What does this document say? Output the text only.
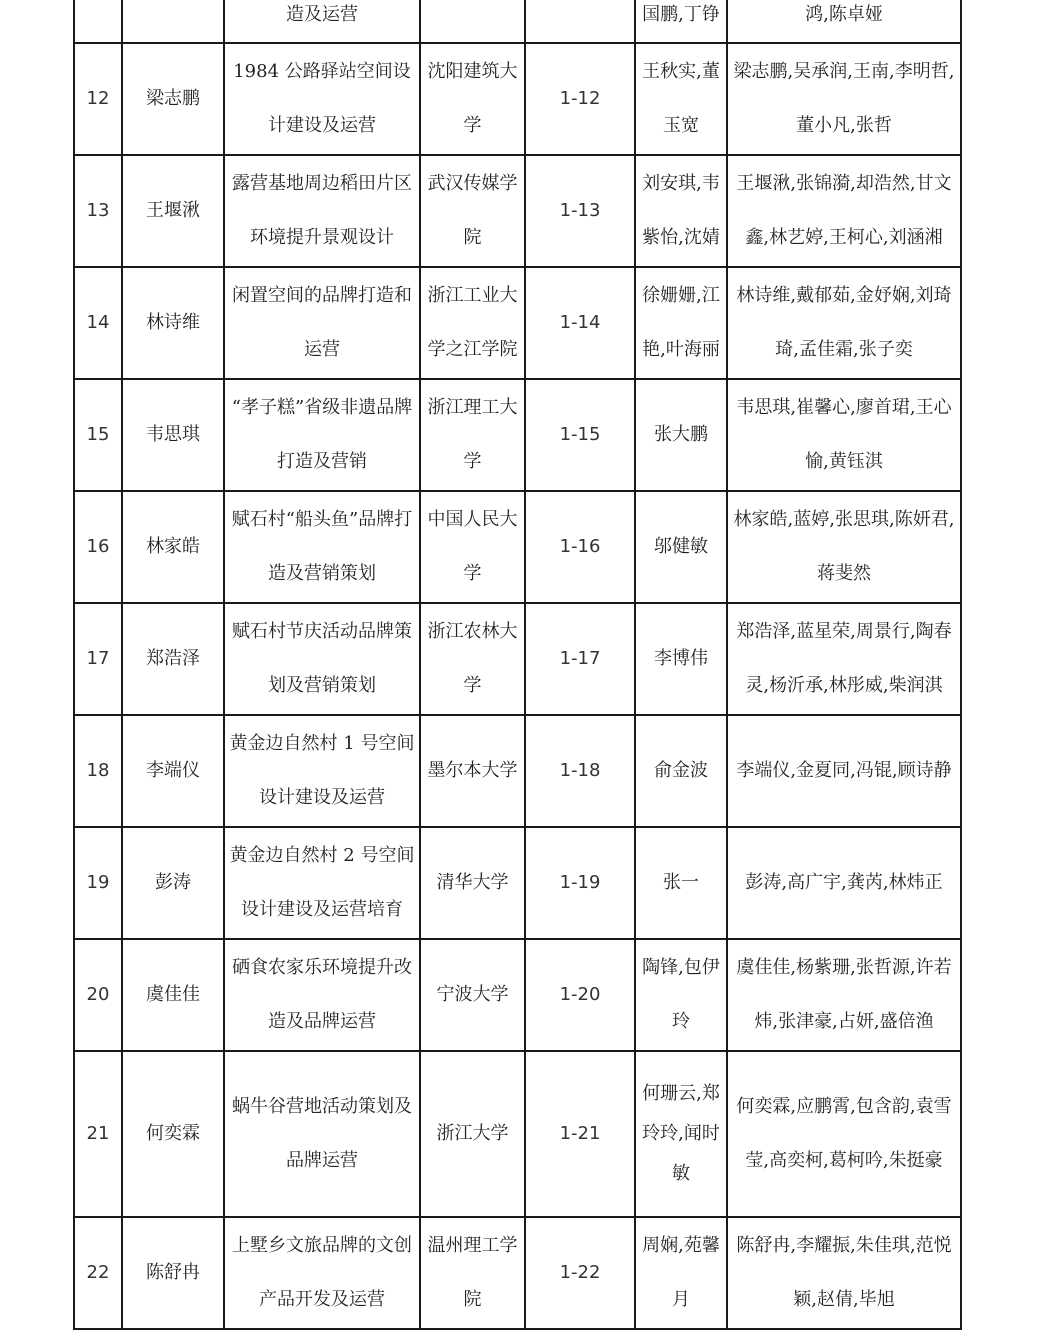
		造及运营			国鹏,丁铮	鸿,陈卓娅
12	梁志鹏	1984 公路驿站空间设计建设及运营	沈阳建筑大学	1-12	王秋实,董玉宽	梁志鹏,吴承润,王南,李明哲,董小凡,张哲
13	王堰湫	露营基地周边稻田片区环境提升景观设计	武汉传媒学院	1-13	刘安琪,韦紫怡,沈婧	王堰湫,张锦漪,却浩然,甘文鑫,林艺婷,王柯心,刘涵湘
14	林诗维	闲置空间的品牌打造和运营	浙江工业大学之江学院	1-14	徐姗姗,江艳,叶海丽	林诗维,戴郁茹,金妤娴,刘琦琦,孟佳霜,张子奕
15	韦思琪	“孝子糕”省级非遗品牌打造及营销	浙江理工大学	1-15	张大鹏	韦思琪,崔馨心,廖首珺,王心愉,黄钰淇
16	林家皓	赋石村“船头鱼”品牌打造及营销策划	中国人民大学	1-16	邬健敏	林家皓,蓝婷,张思琪,陈妍君,蒋斐然
17	郑浩泽	赋石村节庆活动品牌策划及营销策划	浙江农林大学	1-17	李博伟	郑浩泽,蓝星荣,周景行,陶春灵,杨沂承,林彤威,柴润淇
18	李端仪	黄金边自然村 1 号空间设计建设及运营	墨尔本大学	1-18	俞金波	李端仪,金夏同,冯锟,顾诗静
19	彭涛	黄金边自然村 2 号空间设计建设及运营培育	清华大学	1-19	张一	彭涛,高广宇,龚芮,林炜正
20	虞佳佳	硒食农家乐环境提升改造及品牌运营	宁波大学	1-20	陶锋,包伊玲	虞佳佳,杨紫珊,张哲源,许若炜,张津豪,占妍,盛倍渔
21	何奕霖	蜗牛谷营地活动策划及品牌运营	浙江大学	1-21	何珊云,郑玲玲,闻时敏	何奕霖,应鹏霄,包含韵,袁雪莹,高奕柯,葛柯吟,朱挺豪
22	陈舒冉	上墅乡文旅品牌的文创产品开发及运营	温州理工学院	1-22	周娴,苑馨月	陈舒冉,李耀振,朱佳琪,范悦颖,赵倩,毕旭
